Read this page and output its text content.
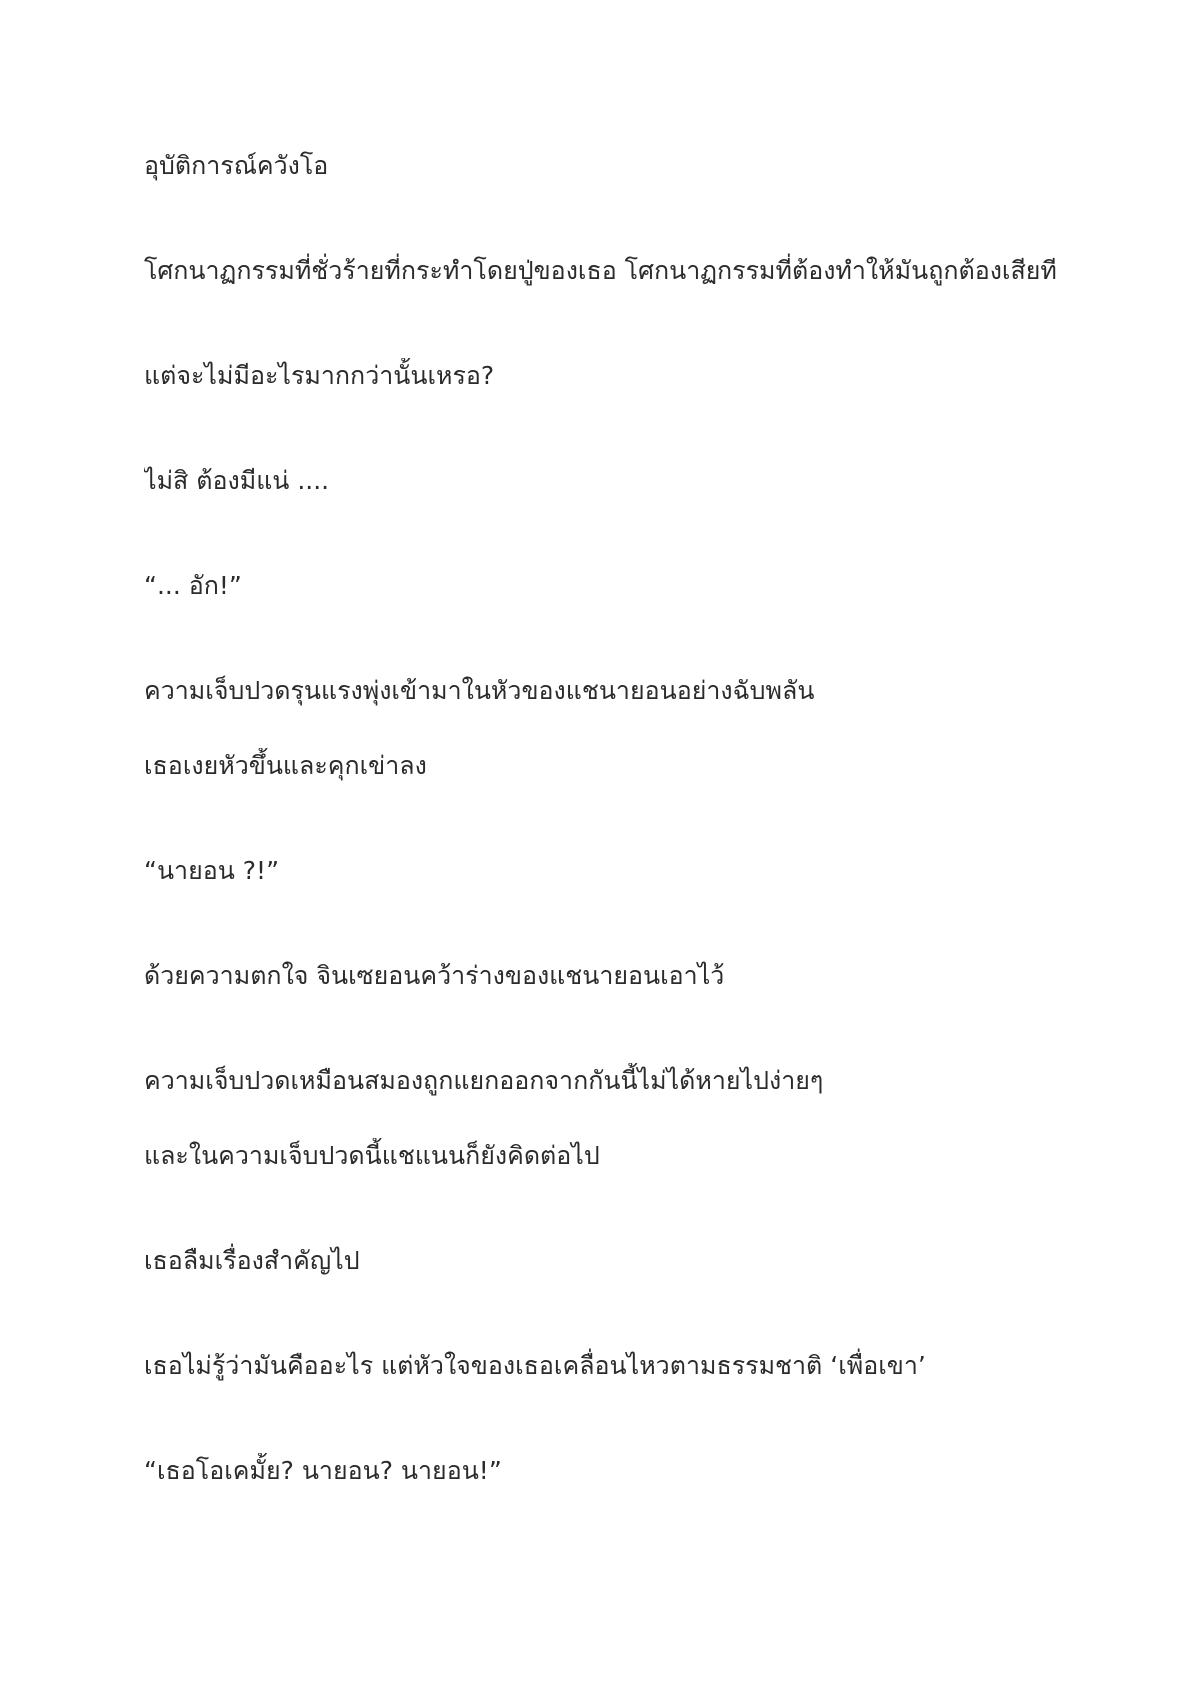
อุบัติการณ์ควังโอ

โศกนาฏกรรมที่ชั่วร้ายที่กระทำโดยปู่ของเธอ โศกนาฏกรรมที่ต้องทำให้มันถูกต้องเสียที

แต่จะไม่มีอะไรมากกว่านั้นเหรอ?

ไม่สิ ต้องมีแน่ ....

“... อัก!”

ความเจ็บปวดรุนแรงพุ่งเข้ามาในหัวของแชนายอนอย่างฉับพลัน

เธอเงยหัวขึ้นและคุกเข่าลง

“นายอน ?!”

ด้วยความตกใจ จินเซยอนคว้าร่างของแชนายอนเอาไว้

ความเจ็บปวดเหมือนสมองถูกแยกออกจากกันนี้ไม่ได้หายไปง่ายๆ

และในความเจ็บปวดนี้แชแนนก็ยังคิดต่อไป

เธอลืมเรื่องสำคัญไป

เธอไม่รู้ว่ามันคืออะไร แต่หัวใจของเธอเคลื่อนไหวตามธรรมชาติ ‘เพื่อเขา’

“เธอโอเคมั้ย? นายอน? นายอน!”
